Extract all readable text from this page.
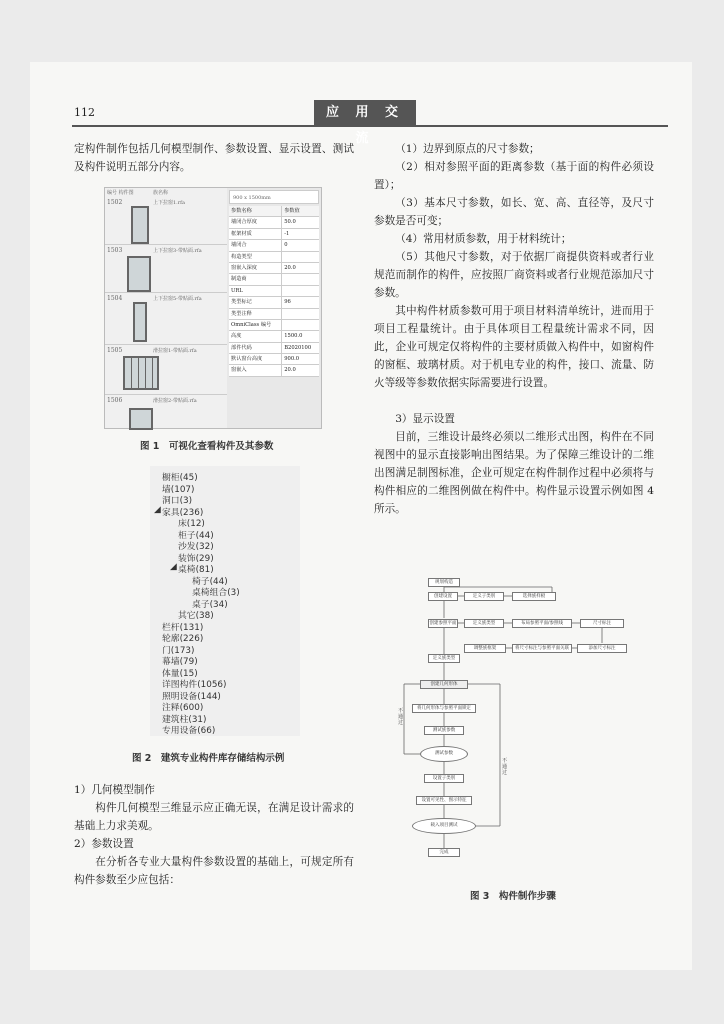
112	应 用 交 流
定构件制作包括几何模型制作、参数设置、显示设置、测试及构件说明五部分内容。
编号 构件图	族名称
1502	上下拉窗1.rfa
1503	上下拉窗3-带贴面.rfa
1504	上下拉窗5-带贴面.rfa
1505	滑拉窗1-带贴面.rfa
1506	滑拉窗2-带贴面.rfa
900 x 1500mm
参数名称	参数值
墙闭合厚度	50.0
框架材质	-1
墙闭合	0
构造类型
窗嵌入深度	20.0
制造商
URL
类型标记	96
类型注释
OmniClass 编号
高度	1500.0
部件代码	B2020100
默认窗台高度	900.0
窗嵌入	20.0
图 1　可视化查看构件及其参数
橱柜(45)
墙(107)
洞口(3)
◢ 家具(236)
床(12)
柜子(44)
沙发(32)
装饰(29)
◢ 桌椅(81)
椅子(44)
桌椅组合(3)
桌子(34)
其它(38)
栏杆(131)
轮廓(226)
门(173)
幕墙(79)
体量(15)
详图构件(1056)
照明设备(144)
注释(600)
建筑柱(31)
专用设备(66)
图 2　建筑专业构件库存储结构示例
1）几何模型制作
构件几何模型三维显示应正确无误，在满足设计需求的基础上力求美观。
2）参数设置
在分析各专业大量构件参数设置的基础上，可规定所有构件参数至少应包括：
（1）边界到原点的尺寸参数；
（2）相对参照平面的距离参数（基于面的构件必须设置）；
（3）基本尺寸参数，如长、宽、高、直径等，及尺寸参数是否可变；
（4）常用材质参数，用于材料统计；
（5）其他尺寸参数，对于依据厂商提供资料或者行业规范而制作的构件，应按照厂商资料或者行业规范添加尺寸参数。
其中构件材质参数可用于项目材料清单统计，进而用于项目工程量统计。由于具体项目工程量统计需求不同，因此，企业可规定仅将构件的主要材质做入构件中，如窗构件的窗框、玻璃材质。对于机电专业的构件，接口、流量、防火等级等参数依据实际需要进行设置。
3）显示设置
目前，三维设计最终必须以二维形式出图，构件在不同视图中的显示直接影响出图结果。为了保障三维设计的二维出图满足制图标准，企业可规定在构件制作过程中必须将与构件相应的二维图例做在构件中。构件显示设置示例如图 4 所示。
规划构造
创建设置	定义子类别	选择族样板
创建参照平面	定义族类型	布局参照平面/参照线	尺寸标注
调整族框架	将尺寸标注与参照平面关联	添加尺寸标注
定义族类型
创建几何形体
将几何形体与参照平面锁定
测试族参数
测试参数
设置子类别
设置可见性、图示特征
载入项目测试
完成
不通过
不通过
图 3　构件制作步骤
